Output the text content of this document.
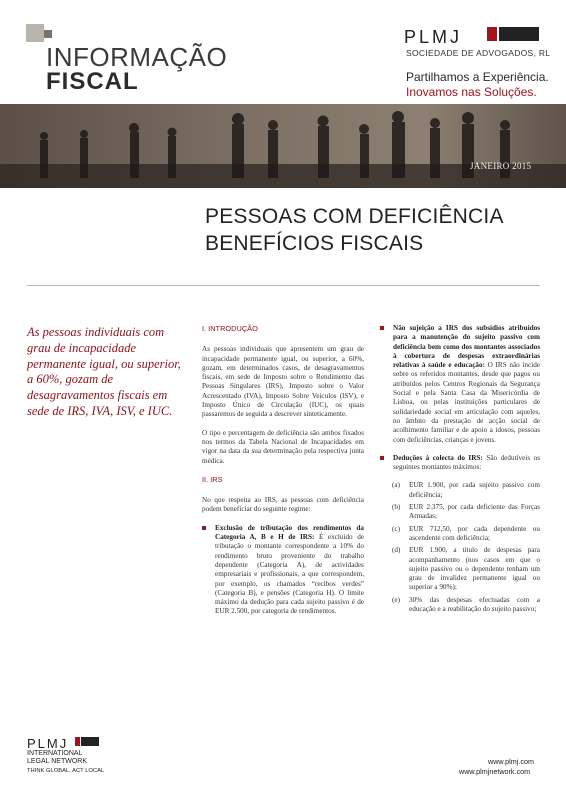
INFORMAÇÃO
FISCAL
PLMJ
SOCIEDADE DE ADVOGADOS, RL
Partilhamos a Experiência.
Inovamos nas Soluções.
JANEIRO 2015
PESSOAS COM DEFICIÊNCIA
BENEFÍCIOS FISCAIS
As pessoas individuais com grau de incapacidade permanente igual, ou superior, a 60%, gozam de desagravamentos fiscais em sede de IRS, IVA, ISV, e IUC.
I. INTRODUÇÃO

As pessoas individuais que apresentem um grau de incapacidade permanente igual, ou superior, a 60%, gozam, em determinados casos, de desagravamentos fiscais, em sede de Imposto sobre o Rendimento das Pessoas Singulares (IRS), Imposto sobre o Valor Acrescentado (IVA), Imposto Sobre Veículos (ISV), e Imposto Único de Circulação (IUC), os quais passaremos de seguida a descrever sinteticamente.

O tipo e percentagem de deficiência são ambos fixados nos termos da Tabela Nacional de Incapacidades em vigor na data da sua determinação pela respectiva junta médica.

II. IRS

No que respeita ao IRS, as pessoas com deficiência podem beneficiar do seguinte regime:

Exclusão de tributação dos rendimentos da Categoria A, B e H de IRS: É excluído de tributação o montante correspondente a 10% do rendimento bruto proveniente do trabalho dependente (Categoria A), de actividades empresariais e profissionais, a que correspondem, por exemplo, os chamados “recibos verdes” (Categoria B), e pensões (Categoria H). O limite máximo da dedução para cada sujeito passivo é de EUR 2.500, por categoria de rendimentos.
Não sujeição a IRS dos subsídios atribuídos para a manutenção do sujeito passivo com deficiência bem como dos montantes associados à cobertura de despesas extraordinárias relativas à saúde e educação: O IRS não incide sobre os referidos montantes, desde que pagos ou atribuídos pelos Centros Regionais da Segurança Social e pela Santa Casa da Misericórdia de Lisboa, ou pelas instituições particulares de solidariedade social em articulação com aqueles, no âmbito da prestação de acção social de acolhimento familiar e de apoio a idosos, pessoas com deficiências, crianças e jovens.
Deduções à colecta do IRS: São dedutíveis os seguintes montantes máximos:
(a) EUR 1.900, por cada sujeito passivo com deficiência;
(b) EUR 2.375, por cada deficiente das Forças Armadas;
(c) EUR 712,50, por cada dependente ou ascendente com deficiência;
(d) EUR 1.900, a título de despesas para acompanhamento (nos casos em que o sujeito passivo ou o dependente tenham um grau de invalidez permanente igual ou superior a 90%);
(e) 30% das despesas efectuadas com a educação e a reabilitação do sujeito passivo;
PLMJ
INTERNATIONAL
LEGAL NETWORK
THINK GLOBAL, ACT LOCAL
www.plmj.com
www.plmjnetwork.com
